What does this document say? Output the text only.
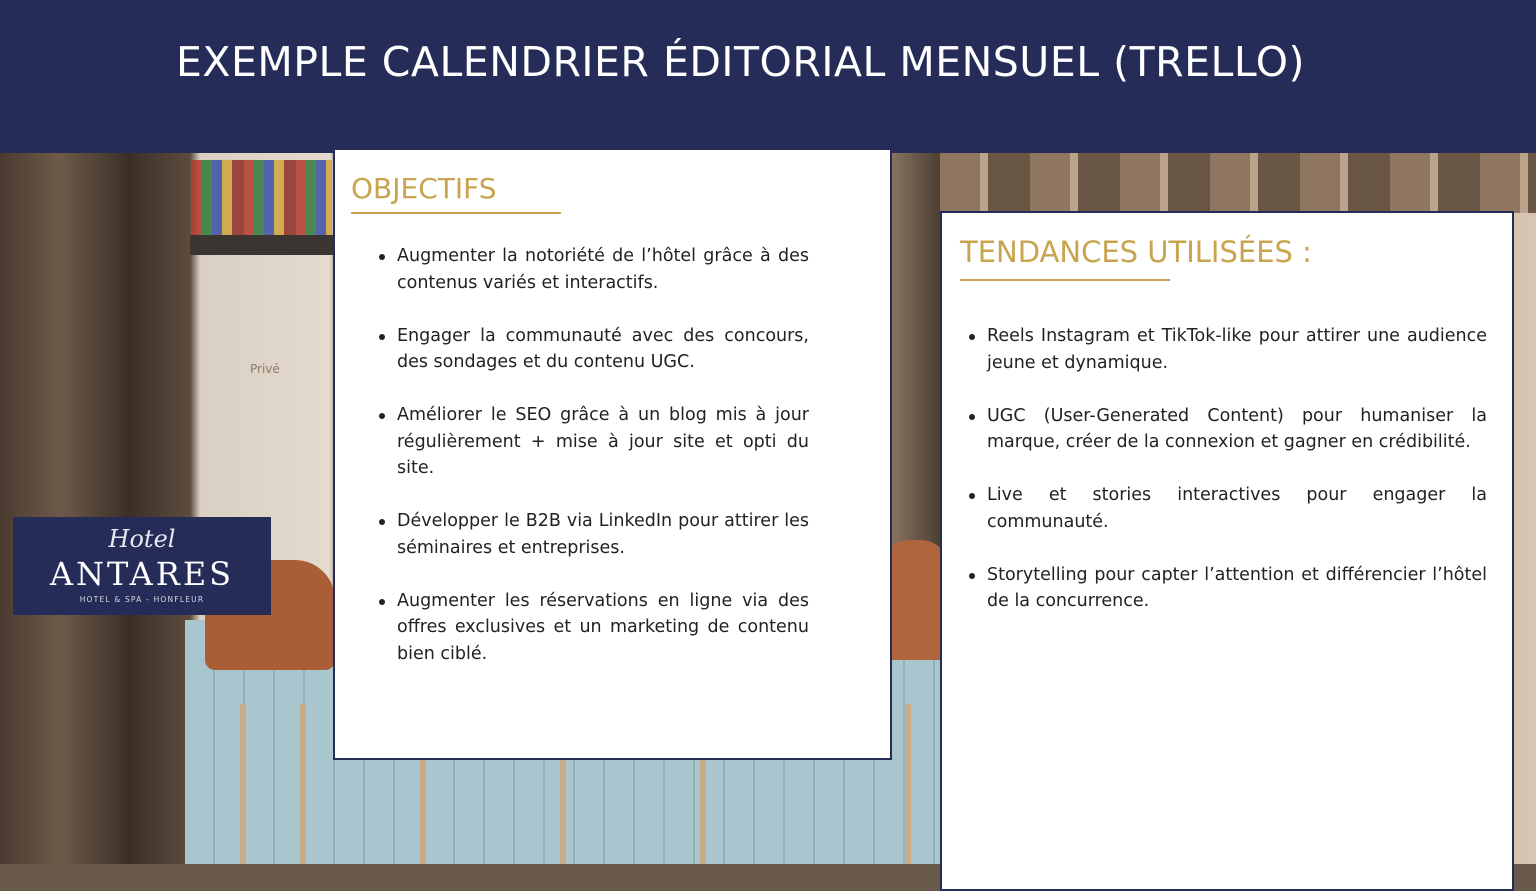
Privé
EXEMPLE CALENDRIER ÉDITORIAL MENSUEL (TRELLO)
OBJECTIFS
Augmenter la notoriété de l’hôtel grâce à des contenus variés et interactifs.
Engager la communauté avec des concours, des sondages et du contenu UGC.
Améliorer le SEO grâce à un blog mis à jour régulièrement + mise à jour site et opti du site.
Développer le B2B via LinkedIn pour attirer les séminaires et entreprises.
Augmenter les réservations en ligne via des offres exclusives et un marketing de contenu bien ciblé.
TENDANCES UTILISÉES :
Reels Instagram et TikTok-like pour attirer une audience jeune et dynamique.
UGC (User-Generated Content) pour humaniser la marque, créer de la connexion et gagner en crédibilité.
Live et stories interactives pour engager la communauté.
Storytelling pour capter l’attention et différencier l’hôtel de la concurrence.
Hotel
ANTARES
HOTEL & SPA - HONFLEUR
